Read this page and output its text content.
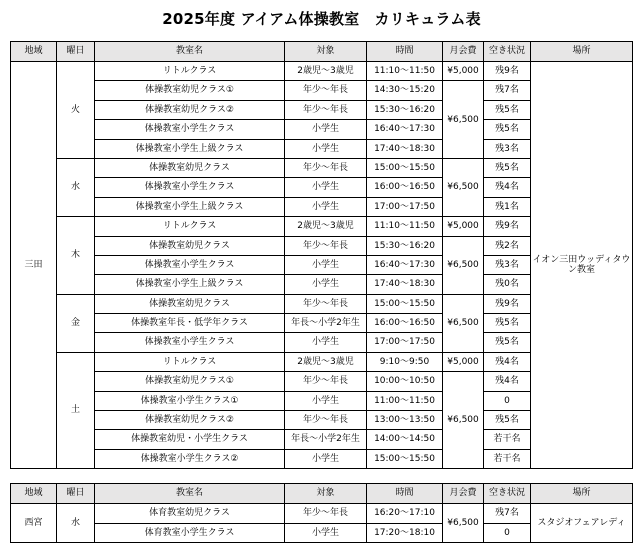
2025年度 アイアム体操教室　カリキュラム表
地域	曜日	教室名	対象	時間	月会費	空き状況	場所
三田	火	リトルクラス	2歳児～3歳児	11:10～11:50	¥5,000	残9名	イオン三田ウッディタウン教室
		体操教室幼児クラス①	年少～年長	14:30～15:20	¥6,500	残7名	
		体操教室幼児クラス②	年少～年長	15:30～16:20		残5名	
		体操教室小学生クラス	小学生	16:40～17:30		残5名	
		体操教室小学生上級クラス	小学生	17:40～18:30		残3名	
	水	体操教室幼児クラス	年少～年長	15:00～15:50	¥6,500	残5名	
		体操教室小学生クラス	小学生	16:00～16:50		残4名	
		体操教室小学生上級クラス	小学生	17:00～17:50		残1名	
	木	リトルクラス	2歳児～3歳児	11:10～11:50	¥5,000	残9名	
		体操教室幼児クラス	年少～年長	15:30～16:20	¥6,500	残2名	
		体操教室小学生クラス	小学生	16:40～17:30		残3名	
		体操教室小学生上級クラス	小学生	17:40～18:30		残0名	
	金	体操教室幼児クラス	年少～年長	15:00～15:50	¥6,500	残9名	
		体操教室年長・低学年クラス	年長～小学2年生	16:00～16:50		残5名	
		体操教室小学生クラス	小学生	17:00～17:50		残5名	
	土	リトルクラス	2歳児～3歳児	9:10～9:50	¥5,000	残4名	
		体操教室幼児クラス①	年少～年長	10:00～10:50	¥6,500	残4名	
		体操教室小学生クラス①	小学生	11:00～11:50		0	
		体操教室幼児クラス②	年少～年長	13:00～13:50		残5名	
		体操教室幼児・小学生クラス	年長～小学2年生	14:00～14:50		若干名	
		体操教室小学生クラス②	小学生	15:00～15:50		若干名	
地域	曜日	教室名	対象	時間	月会費	空き状況	場所
西宮	水	体育教室幼児クラス	年少～年長	16:20～17:10	¥6,500	残7名	スタジオフェアレディ
		体育教室小学生クラス	小学生	17:20～18:10		0	
